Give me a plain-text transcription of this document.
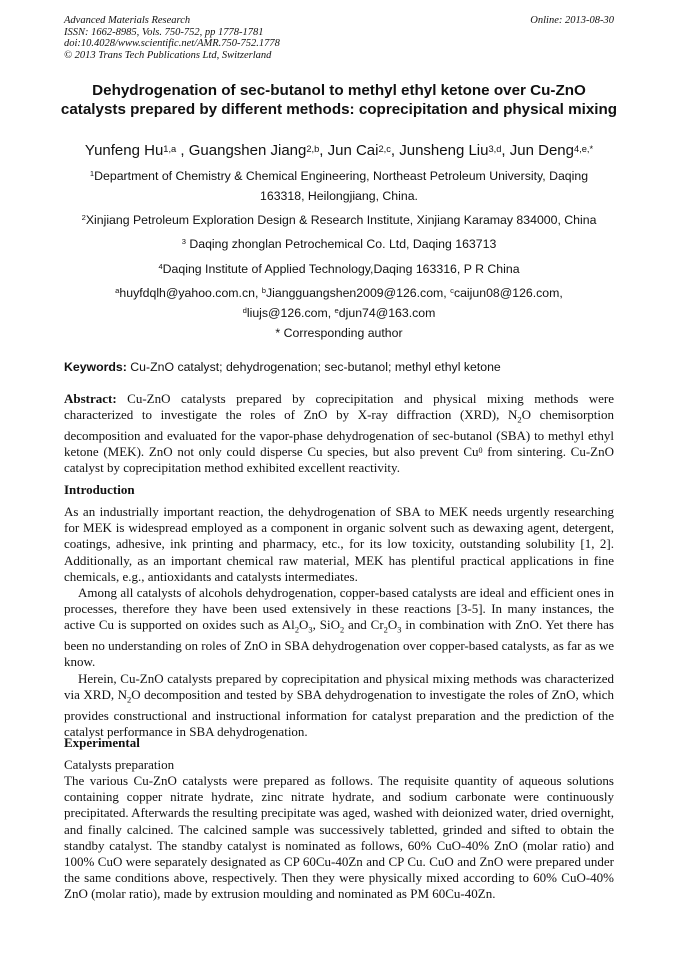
Advanced Materials Research
ISSN: 1662-8985, Vols. 750-752, pp 1778-1781
doi:10.4028/www.scientific.net/AMR.750-752.1778
© 2013 Trans Tech Publications Ltd, Switzerland
Online: 2013-08-30
Dehydrogenation of sec-butanol to methyl ethyl ketone over Cu-ZnO catalysts prepared by different methods: coprecipitation and physical mixing
Yunfeng Hu$^{1,a}$ , Guangshen Jiang$^{2,b}$, Jun Cai$^{2,c}$, Junsheng Liu$^{3,d}$, Jun Deng$^{4,e,*}$
$^1$Department of Chemistry & Chemical Engineering, Northeast Petroleum University, Daqing 163318, Heilongjiang, China.
$^2$Xinjiang Petroleum Exploration Design & Research Institute, Xinjiang Karamay 834000, China
$^3$ Daqing zhonglan Petrochemical Co. Ltd, Daqing 163713
$^4$Daqing Institute of Applied Technology,Daqing 163316, P R China
$^a$huyfdqlh@yahoo.com.cn, $^b$Jiangguangshen2009@126.com, $^c$caijun08@126.com,
$^d$liujs@126.com, $^e$djun74@163.com
* Corresponding author
Keywords: Cu-ZnO catalyst; dehydrogenation; sec-butanol; methyl ethyl ketone

Abstract: Cu-ZnO catalysts prepared by coprecipitation and physical mixing methods were characterized to investigate the roles of ZnO by X-ray diffraction (XRD), $N_2O$ chemisorption decomposition and evaluated for the vapor-phase dehydrogenation of sec-butanol (SBA) to methyl ethyl ketone (MEK). ZnO not only could disperse Cu species, but also prevent Cu$^0$ from sintering. Cu-ZnO catalyst by coprecipitation method exhibited excellent reactivity.

Introduction

As an industrially important reaction, the dehydrogenation of SBA to MEK needs urgently researching for MEK is widespread employed as a component in organic solvent such as dewaxing agent, detergent, coatings, adhesive, ink printing and pharmacy, etc., for its low toxicity, outstanding solubility [1, 2]. Additionally, as an important chemical raw material, MEK has plentiful practical applications in fine chemicals, e.g., antioxidants and catalysts intermediates.

Among all catalysts of alcohols dehydrogenation, copper-based catalysts are ideal and efficient ones in processes, therefore they have been used extensively in these reactions [3-5]. In many instances, the active Cu is supported on oxides such as $Al_2O_3$, SiO$_2$ and $Cr_2O_3$ in combination with ZnO. Yet there has been no understanding on roles of ZnO in SBA dehydrogenation over copper-based catalysts, as far as we know.

Herein, Cu-ZnO catalysts prepared by coprecipitation and physical mixing methods was characterized via XRD, $N_2O$ decomposition and tested by SBA dehydrogenation to investigate the roles of ZnO, which provides constructional and instructional information for catalyst preparation and the prediction of the catalyst performance in SBA dehydrogenation.

Experimental
Catalysts preparation

The various Cu-ZnO catalysts were prepared as follows. The requisite quantity of aqueous solutions containing copper nitrate hydrate, zinc nitrate hydrate, and sodium carbonate were continuously precipitated. Afterwards the resulting precipitate was aged, washed with deionized water, dried overnight, and finally calcined. The calcined sample was successively tabletted, grinded and sifted to obtain the standby catalyst. The standby catalyst is nominated as follows, 60% CuO-40% ZnO (molar ratio) and 100% CuO were separately designated as CP 60Cu-40Zn and CP Cu. CuO and ZnO were prepared under the same conditions above, respectively. Then they were physically mixed according to 60% CuO-40% ZnO (molar ratio), made by extrusion moulding and nominated as PM 60Cu-40Zn.
